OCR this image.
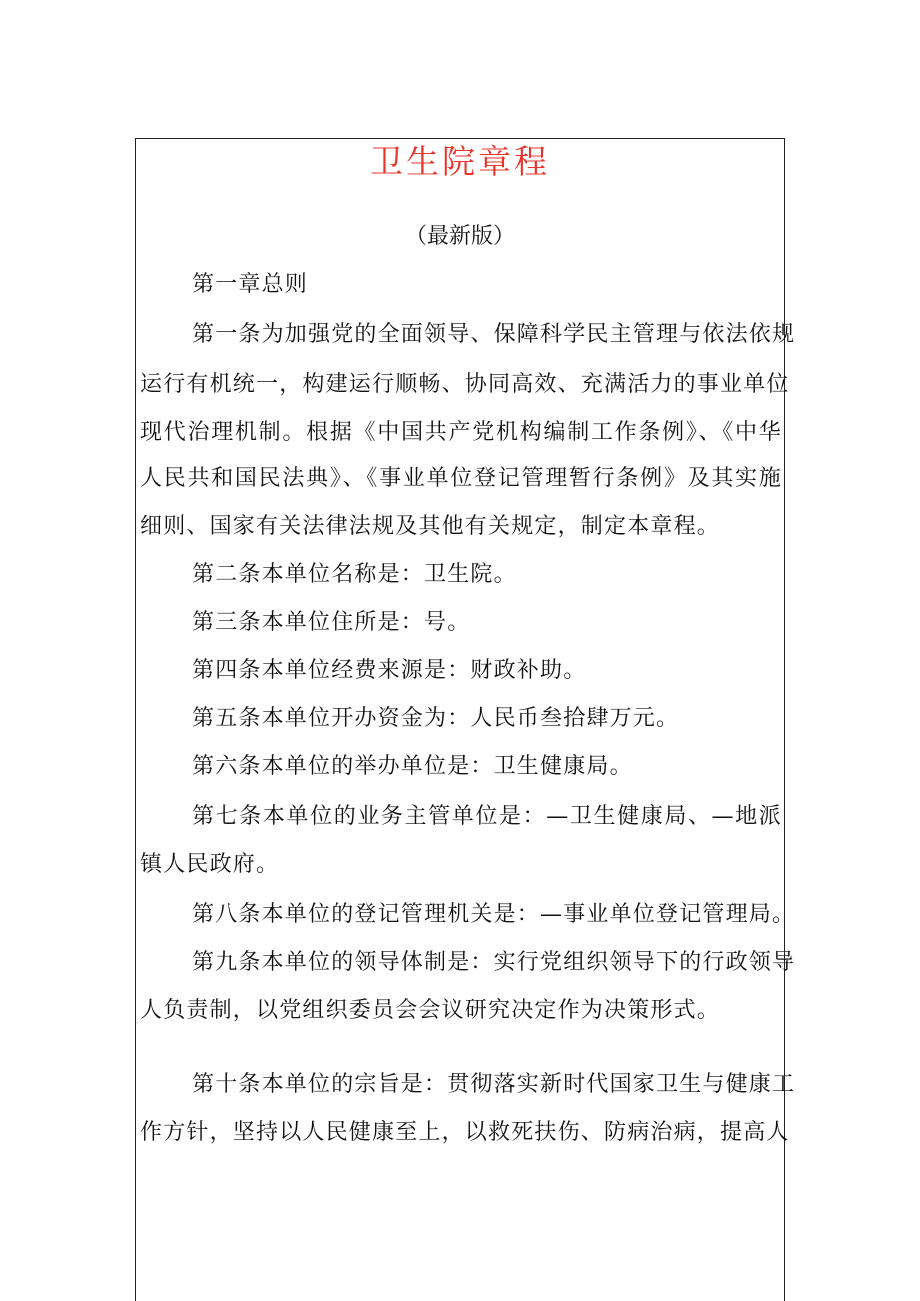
卫生院章程
（最新版）
第一章总则
第一条为加强党的全面领导、保障科学民主管理与依法依规
运行有机统一，构建运行顺畅、协同高效、充满活力的事业单位
现代治理机制。根据《中国共产党机构编制工作条例》、《中华
人民共和国民法典》、《事业单位登记管理暂行条例》及其实施
细则、国家有关法律法规及其他有关规定，制定本章程。
第二条本单位名称是：卫生院。
第三条本单位住所是：号。
第四条本单位经费来源是：财政补助。
第五条本单位开办资金为：人民币叁拾肆万元。
第六条本单位的举办单位是：卫生健康局。
第七条本单位的业务主管单位是：—卫生健康局、—地派
镇人民政府。
第八条本单位的登记管理机关是：—事业单位登记管理局。
第九条本单位的领导体制是：实行党组织领导下的行政领导
人负责制，以党组织委员会会议研究决定作为决策形式。
第十条本单位的宗旨是：贯彻落实新时代国家卫生与健康工
作方针，坚持以人民健康至上，以救死扶伤、防病治病，提高人
